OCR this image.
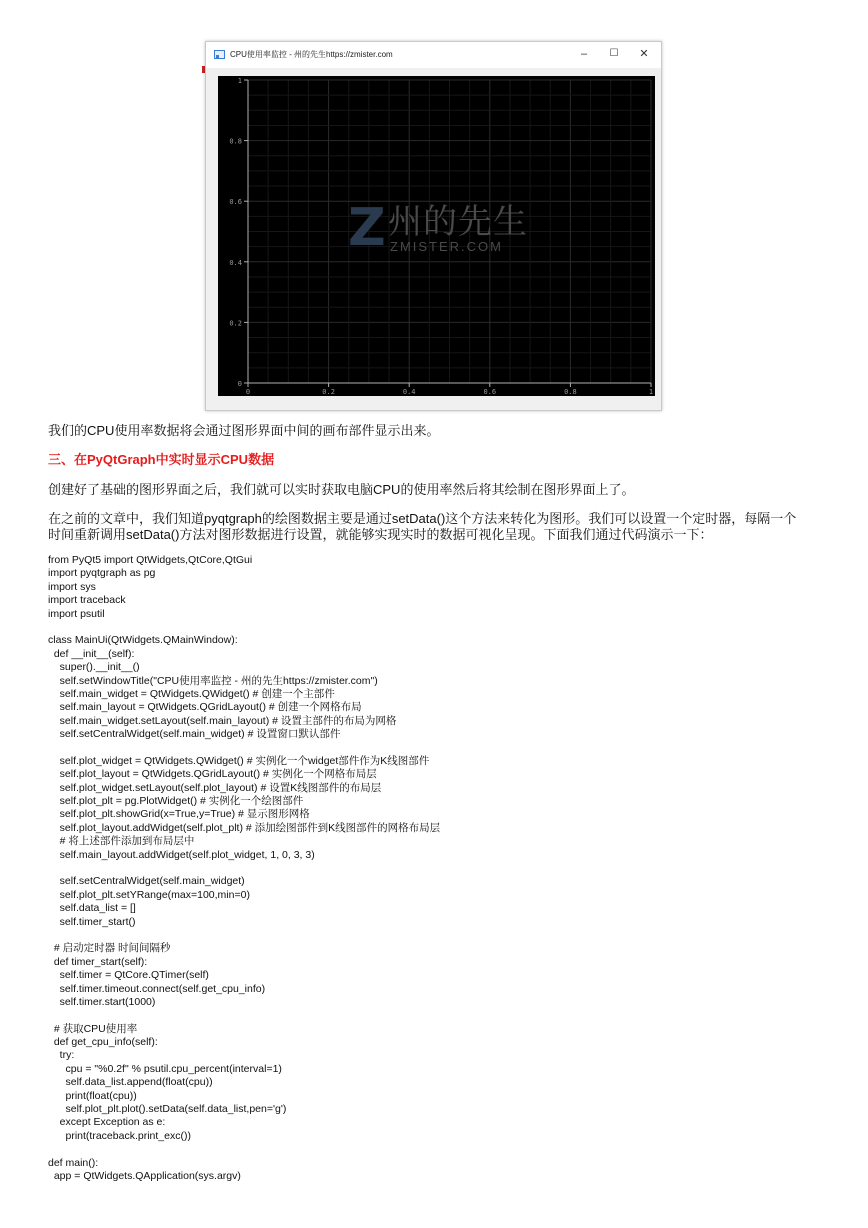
CPU使用率监控 - 州的先生https://zmister.com	–	☐	✕
0	0.2	0.4	0.6	0.8	1
0
0.2
0.4
0.6
0.8
1
Z 州的先生
ZMISTER.COM
我们的CPU使用率数据将会通过图形界面中间的画布部件显示出来。
三、在PyQtGraph中实时显示CPU数据
创建好了基础的图形界面之后，我们就可以实时获取电脑CPU的使用率然后将其绘制在图形界面上了。
在之前的文章中，我们知道pyqtgraph的绘图数据主要是通过setData()这个方法来转化为图形。我们可以设置一个定时器，每隔一个
时间重新调用setData()方法对图形数据进行设置，就能够实现实时的数据可视化呈现。下面我们通过代码演示一下：
from PyQt5 import QtWidgets,QtCore,QtGui
import pyqtgraph as pg
import sys
import traceback
import psutil
class MainUi(QtWidgets.QMainWindow):
def __init__(self):
super().__init__()
self.setWindowTitle("CPU使用率监控 - 州的先生https://zmister.com")
self.main_widget = QtWidgets.QWidget() # 创建一个主部件
self.main_layout = QtWidgets.QGridLayout() # 创建一个网格布局
self.main_widget.setLayout(self.main_layout) # 设置主部件的布局为网格
self.setCentralWidget(self.main_widget) # 设置窗口默认部件
self.plot_widget = QtWidgets.QWidget() # 实例化一个widget部件作为K线图部件
self.plot_layout = QtWidgets.QGridLayout() # 实例化一个网格布局层
self.plot_widget.setLayout(self.plot_layout) # 设置K线图部件的布局层
self.plot_plt = pg.PlotWidget() # 实例化一个绘图部件
self.plot_plt.showGrid(x=True,y=True) # 显示图形网格
self.plot_layout.addWidget(self.plot_plt) # 添加绘图部件到K线图部件的网格布局层
# 将上述部件添加到布局层中
self.main_layout.addWidget(self.plot_widget, 1, 0, 3, 3)
self.setCentralWidget(self.main_widget)
self.plot_plt.setYRange(max=100,min=0)
self.data_list = []
self.timer_start()
# 启动定时器 时间间隔秒
def timer_start(self):
self.timer = QtCore.QTimer(self)
self.timer.timeout.connect(self.get_cpu_info)
self.timer.start(1000)
# 获取CPU使用率
def get_cpu_info(self):
try:
cpu = "%0.2f" % psutil.cpu_percent(interval=1)
self.data_list.append(float(cpu))
print(float(cpu))
self.plot_plt.plot().setData(self.data_list,pen='g')
except Exception as e:
print(traceback.print_exc())
def main():
app = QtWidgets.QApplication(sys.argv)
